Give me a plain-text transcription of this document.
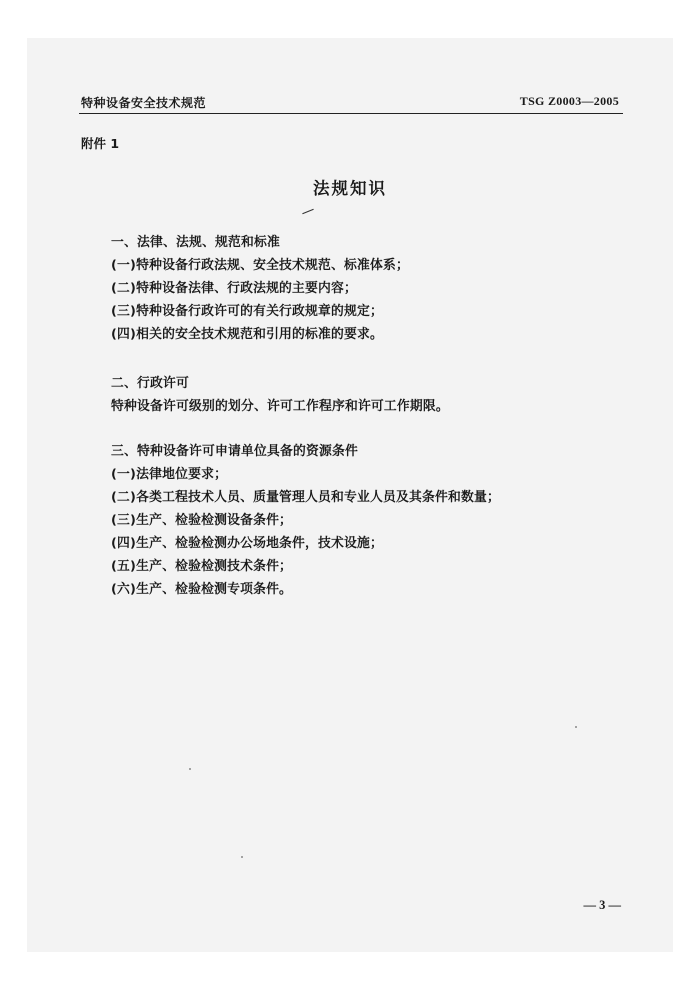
特种设备安全技术规范	TSG Z0003—2005
附件 1
法规知识
一、法律、法规、规范和标准
(一)特种设备行政法规、安全技术规范、标准体系；
(二)特种设备法律、行政法规的主要内容；
(三)特种设备行政许可的有关行政规章的规定；
(四)相关的安全技术规范和引用的标准的要求。
二、行政许可
特种设备许可级别的划分、许可工作程序和许可工作期限。
三、特种设备许可申请单位具备的资源条件
(一)法律地位要求；
(二)各类工程技术人员、质量管理人员和专业人员及其条件和数量；
(三)生产、检验检测设备条件；
(四)生产、检验检测办公场地条件，技术设施；
(五)生产、检验检测技术条件；
(六)生产、检验检测专项条件。
— 3 —
